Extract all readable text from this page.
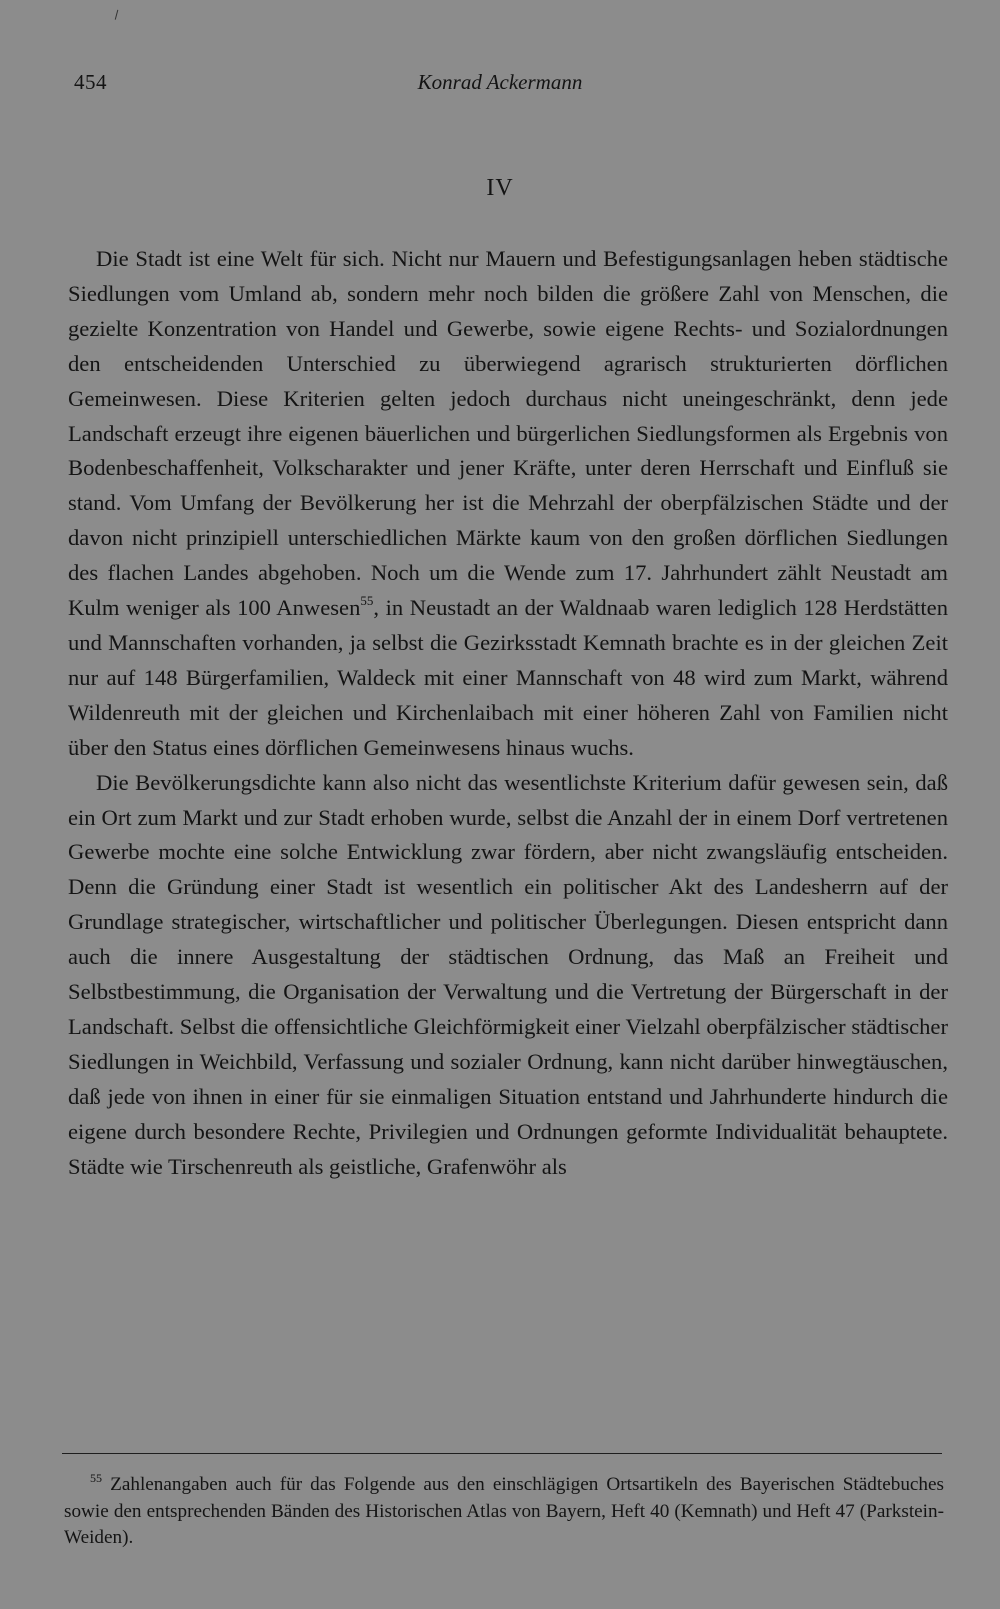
454	Konrad Ackermann
IV

Die Stadt ist eine Welt für sich. Nicht nur Mauern und Befestigungsanlagen heben städtische Siedlungen vom Umland ab, sondern mehr noch bilden die größere Zahl von Menschen, die gezielte Konzentration von Handel und Gewerbe, sowie eigene Rechts- und Sozialordnungen den entscheidenden Unterschied zu überwiegend agrarisch strukturierten dörflichen Gemeinwesen. Diese Kriterien gelten jedoch durchaus nicht uneingeschränkt, denn jede Landschaft erzeugt ihre eigenen bäuerlichen und bürgerlichen Siedlungsformen als Ergebnis von Bodenbeschaffenheit, Volkscharakter und jener Kräfte, unter deren Herrschaft und Einfluß sie stand. Vom Umfang der Bevölkerung her ist die Mehrzahl der oberpfälzischen Städte und der davon nicht prinzipiell unterschiedlichen Märkte kaum von den großen dörflichen Siedlungen des flachen Landes abgehoben. Noch um die Wende zum 17. Jahrhundert zählt Neustadt am Kulm weniger als 100 Anwesen$^{55}$, in Neustadt an der Waldnaab waren lediglich 128 Herdstätten und Mannschaften vorhanden, ja selbst die Gezirksstadt Kemnath brachte es in der gleichen Zeit nur auf 148 Bürgerfamilien, Waldeck mit einer Mannschaft von 48 wird zum Markt, während Wildenreuth mit der gleichen und Kirchenlaibach mit einer höheren Zahl von Familien nicht über den Status eines dörflichen Gemeinwesens hinaus wuchs.

Die Bevölkerungsdichte kann also nicht das wesentlichste Kriterium dafür gewesen sein, daß ein Ort zum Markt und zur Stadt erhoben wurde, selbst die Anzahl der in einem Dorf vertretenen Gewerbe mochte eine solche Entwicklung zwar fördern, aber nicht zwangsläufig entscheiden. Denn die Gründung einer Stadt ist wesentlich ein politischer Akt des Landesherrn auf der Grundlage strategischer, wirtschaftlicher und politischer Überlegungen. Diesen entspricht dann auch die innere Ausgestaltung der städtischen Ordnung, das Maß an Freiheit und Selbstbestimmung, die Organisation der Verwaltung und die Vertretung der Bürgerschaft in der Landschaft. Selbst die offensichtliche Gleichförmigkeit einer Vielzahl oberpfälzischer städtischer Siedlungen in Weichbild, Verfassung und sozialer Ordnung, kann nicht darüber hinwegtäuschen, daß jede von ihnen in einer für sie einmaligen Situation entstand und Jahrhunderte hindurch die eigene durch besondere Rechte, Privilegien und Ordnungen geformte Individualität behauptete. Städte wie Tirschenreuth als geistliche, Grafenwöhr als

$^{55}$ Zahlenangaben auch für das Folgende aus den einschlägigen Ortsartikeln des Bayerischen Städtebuches sowie den entsprechenden Bänden des Historischen Atlas von Bayern, Heft 40 (Kemnath) und Heft 47 (Parkstein-Weiden).
